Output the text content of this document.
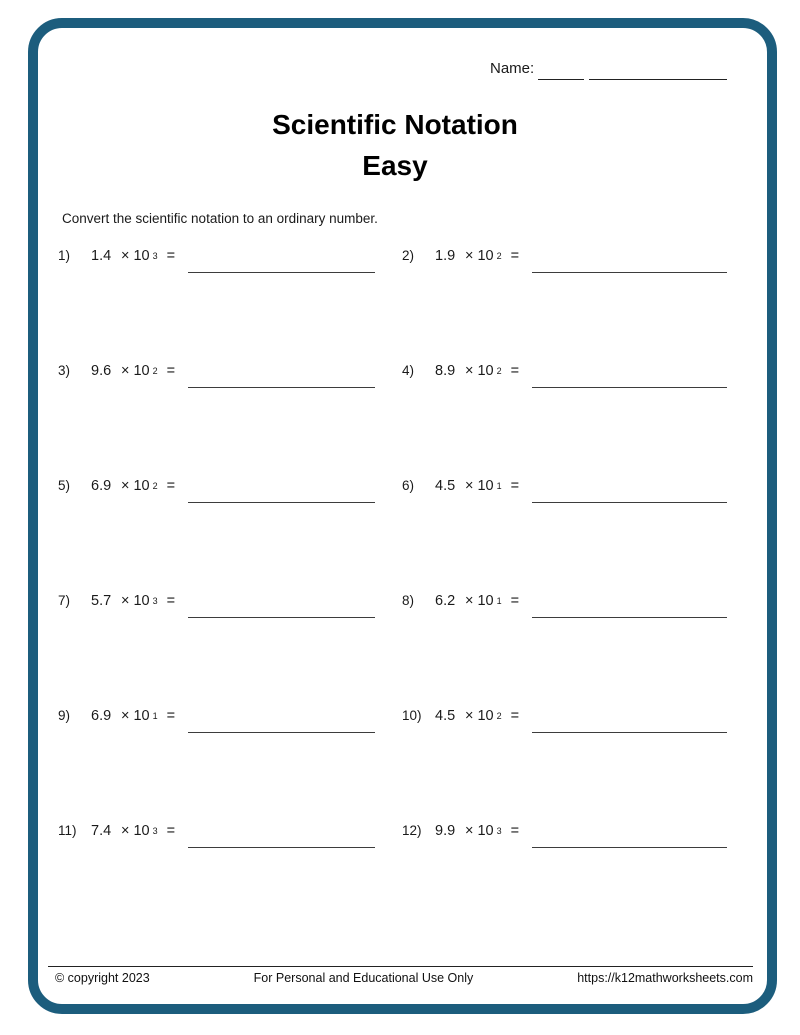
Name:
Scientific Notation
Easy
Convert the scientific notation to an ordinary number.
1)	1.4 × 10 $^3$ =	2)	1.9 × 10 $^2$ =
3)	9.6 × 10 $^2$ =	4)	8.9 × 10 $^2$ =
5)	6.9 × 10 $^2$ =	6)	4.5 × 10 $^1$ =
7)	5.7 × 10 $^3$ =	8)	6.2 × 10 $^1$ =
9)	6.9 × 10 $^1$ =	10) 4.5 × 10 $^2$ =
11) 7.4 × 10 $^3$ =	12) 9.9 × 10 $^3$ =
© copyright 2023	For Personal and Educational Use Only	https://k12mathworksheets.com
